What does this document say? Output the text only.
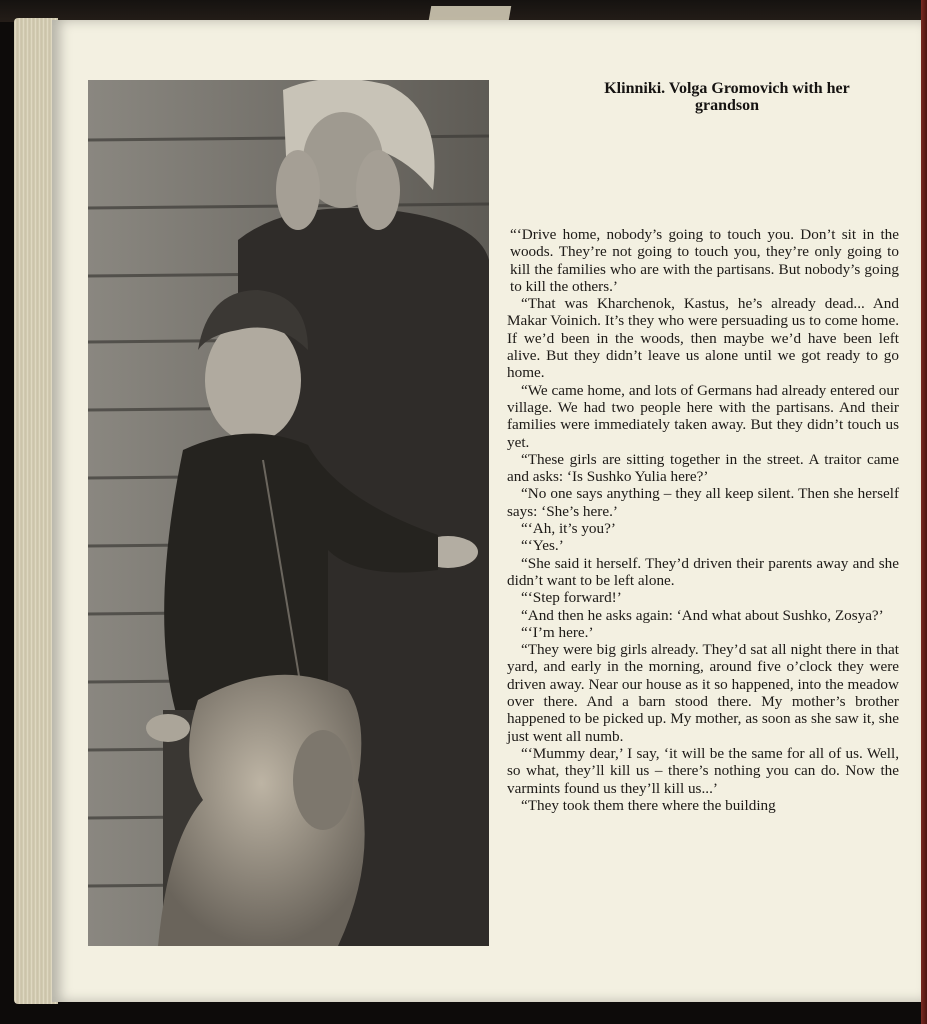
Klinniki. Volga Gromovich with her
grandson

“‘Drive home, nobody’s going to touch you. Don’t sit in the woods. They’re not going to touch you, they’re only going to kill the families who are with the partisans. But nobody’s going to kill the others.’

“That was Kharchenok, Kastus, he’s already dead... And Makar Voinich. It’s they who were persuading us to come home. If we’d been in the woods, then maybe we’d have been left alive. But they didn’t leave us alone until we got ready to go home.

“We came home, and lots of Germans had already entered our village. We had two people here with the partisans. And their families were immediately taken away. But they didn’t touch us yet.

“These girls are sitting together in the street. A traitor came and asks: ‘Is Sushko Yulia here?’

“No one says anything – they all keep silent. Then she herself says: ‘She’s here.’

“‘Ah, it’s you?’

“‘Yes.’

“She said it herself. They’d driven their parents away and she didn’t want to be left alone.

“‘Step forward!’

“And then he asks again: ‘And what about Sushko, Zosya?’

“‘I’m here.’

“They were big girls already. They’d sat all night there in that yard, and early in the morning, around five o’clock they were driven away. Near our house as it so happened, into the meadow over there. And a barn stood there. My mother’s brother happened to be picked up. My mother, as soon as she saw it, she just went all numb.

“‘Mummy dear,’ I say, ‘it will be the same for all of us. Well, so what, they’ll kill us – there’s nothing you can do. Now the varmints found us they’ll kill us...’

“They took them there where the building
